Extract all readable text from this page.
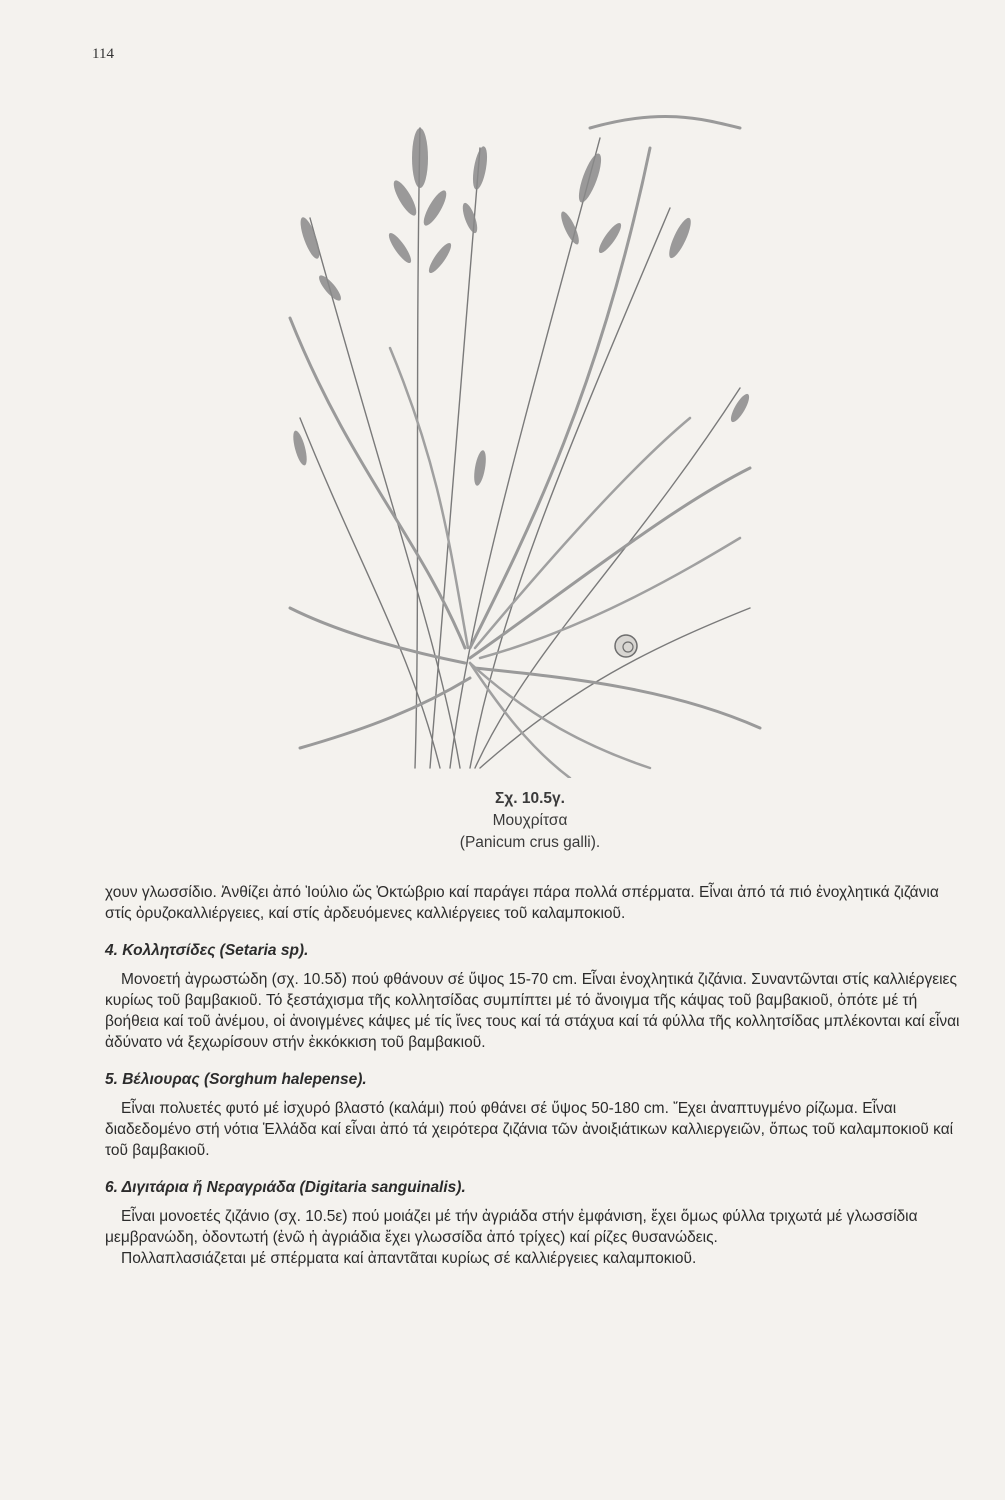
114
Σχ. 10.5γ.
Μουχρίτσα
(Panicum crus galli).

χουν γλωσσίδιο. Ἀνθίζει ἀπό Ἰούλιο ὥς Ὀκτώβριο καί παράγει πάρα πολλά σπέρματα. Εἶναι ἀπό τά πιό ἐνοχλητικά ζιζάνια στίς ὀρυζοκαλλιέργειες, καί στίς ἀρδευόμενες καλλιέργειες τοῦ καλαμποκιοῦ.

4. Κολλητσίδες (Setaria sp).

Μονοετή ἀγρωστώδη (σχ. 10.5δ) πού φθάνουν σέ ὕψος 15-70 cm. Εἶναι ἐνοχλητικά ζιζάνια. Συναντῶνται στίς καλλιέργειες κυρίως τοῦ βαμβακιοῦ. Τό ξεστάχισμα τῆς κολλητσίδας συμπίπτει μέ τό ἄνοιγμα τῆς κάψας τοῦ βαμβακιοῦ, ὁπότε μέ τή βοήθεια καί τοῦ ἀνέμου, οἱ ἀνοιγμένες κάψες μέ τίς ἴνες τους καί τά στάχυα καί τά φύλλα τῆς κολλητσίδας μπλέκονται καί εἶναι ἀδύνατο νά ξεχωρίσουν στήν ἐκκόκκιση τοῦ βαμβακιοῦ.

5. Βέλιουρας (Sorghum halepense).

Εἶναι πολυετές φυτό μέ ἰσχυρό βλαστό (καλάμι) πού φθάνει σέ ὕψος 50-180 cm. Ἔχει ἀναπτυγμένο ρίζωμα. Εἶναι διαδεδομένο στή νότια Ἑλλάδα καί εἶναι ἀπό τά χειρότερα ζιζάνια τῶν ἀνοιξιάτικων καλλιεργειῶν, ὅπως τοῦ καλαμποκιοῦ καί τοῦ βαμβακιοῦ.

6. Διγιτάρια ἤ Νεραγριάδα (Digitaria sanguinalis).

Εἶναι μονοετές ζιζάνιο (σχ. 10.5ε) πού μοιάζει μέ τήν ἀγριάδα στήν ἐμφάνιση, ἔχει ὅμως φύλλα τριχωτά μέ γλωσσίδια μεμβρανώδη, ὀδοντωτή (ἐνῶ ἡ ἀγριάδια ἔχει γλωσσίδα ἀπό τρίχες) καί ρίζες θυσανώδεις.

Πολλαπλασιάζεται μέ σπέρματα καί ἀπαντᾶται κυρίως σέ καλλιέργειες καλαμποκιοῦ.
